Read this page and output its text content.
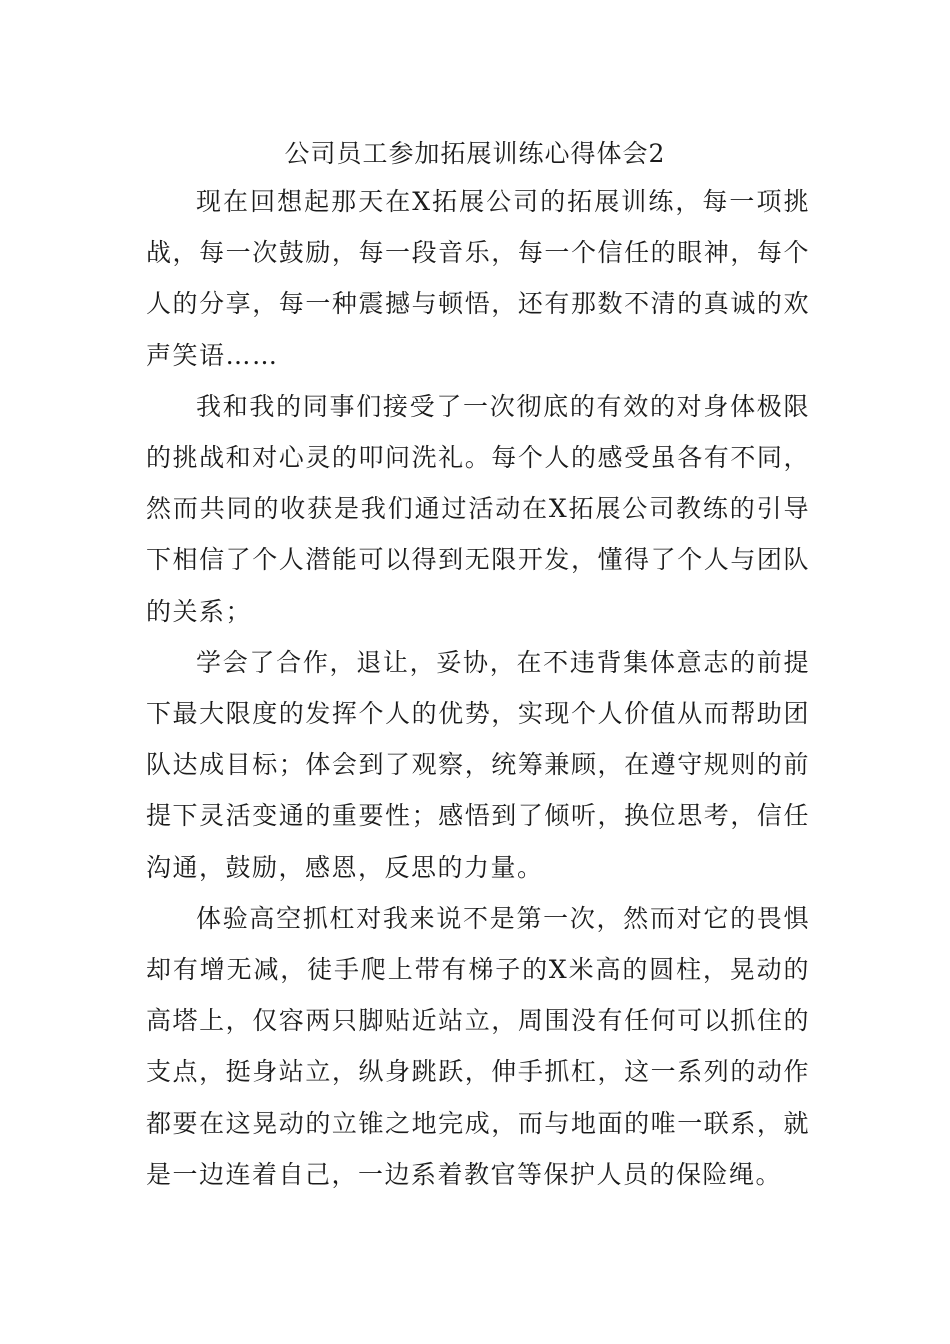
公司员工参加拓展训练心得体会2

现在回想起那天在X拓展公司的拓展训练，每一项挑战，每一次鼓励，每一段音乐，每一个信任的眼神，每个人的分享，每一种震撼与顿悟，还有那数不清的真诚的欢声笑语……

我和我的同事们接受了一次彻底的有效的对身体极限的挑战和对心灵的叩问洗礼。每个人的感受虽各有不同，然而共同的收获是我们通过活动在X拓展公司教练的引导下相信了个人潜能可以得到无限开发，懂得了个人与团队的关系；

学会了合作，退让，妥协，在不违背集体意志的前提下最大限度的发挥个人的优势，实现个人价值从而帮助团队达成目标；体会到了观察，统筹兼顾，在遵守规则的前提下灵活变通的重要性；感悟到了倾听，换位思考，信任沟通，鼓励，感恩，反思的力量。

体验高空抓杠对我来说不是第一次，然而对它的畏惧却有增无减，徒手爬上带有梯子的X米高的圆柱，晃动的高塔上，仅容两只脚贴近站立，周围没有任何可以抓住的支点，挺身站立，纵身跳跃，伸手抓杠，这一系列的动作都要在这晃动的立锥之地完成，而与地面的唯一联系，就是一边连着自己，一边系着教官等保护人员的保险绳。
